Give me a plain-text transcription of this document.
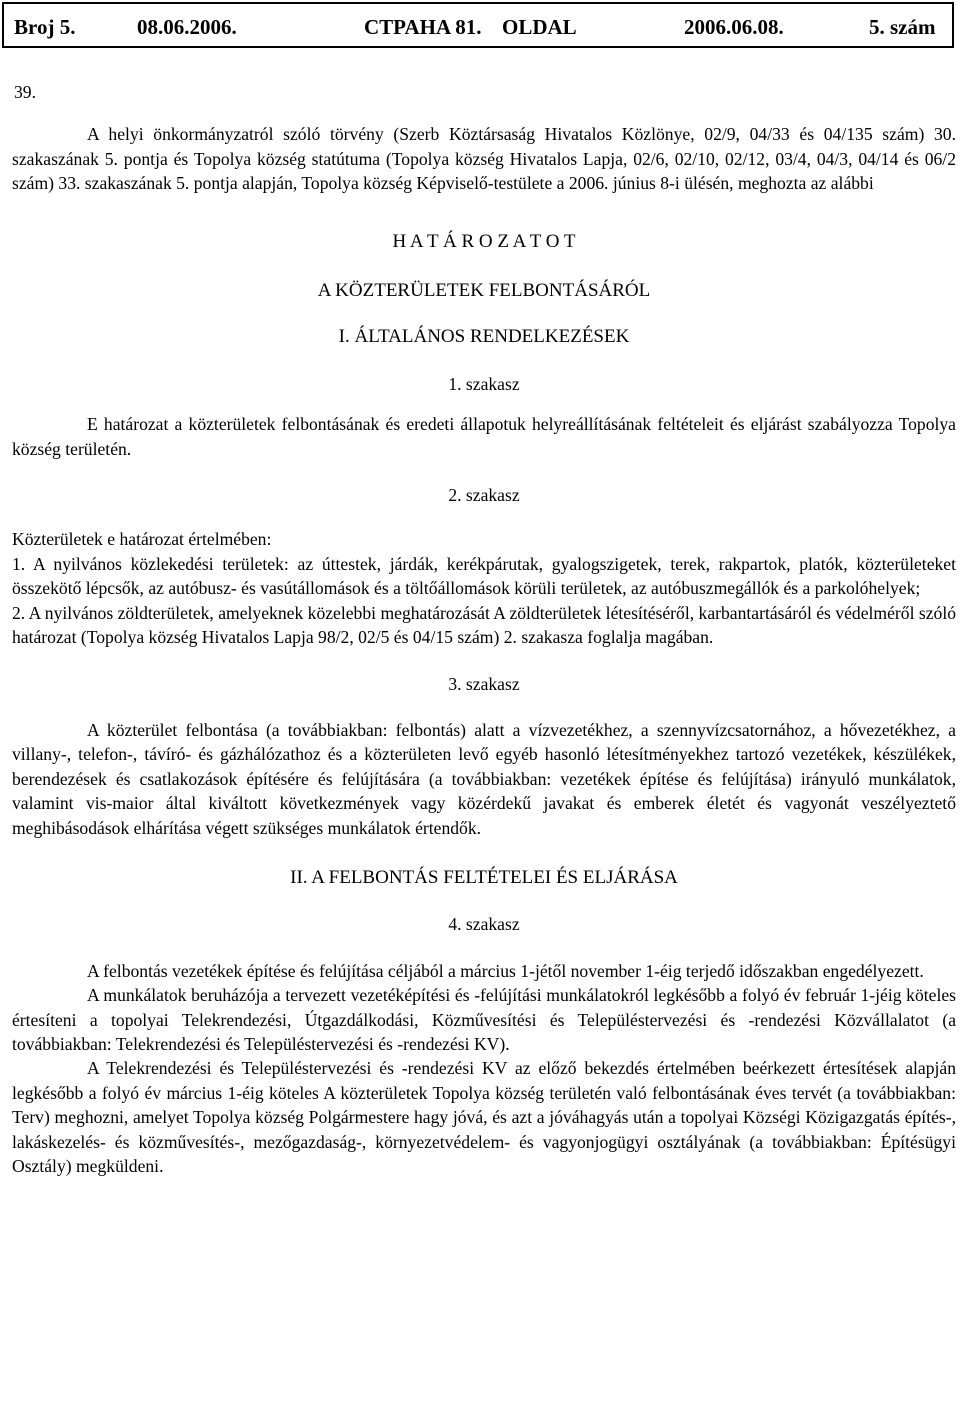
Broj 5.	08.06.2006.	CTPAHA 81. OLDAL	2006.06.08.	5. szám

39.

A helyi önkormányzatról szóló törvény (Szerb Köztársaság Hivatalos Közlönye, 02/9, 04/33 és 04/135 szám) 30. szakaszának 5. pontja és Topolya község statútuma (Topolya község Hivatalos Lapja, 02/6, 02/10, 02/12, 03/4, 04/3, 04/14 és 06/2 szám) 33. szakaszának 5. pontja alapján, Topolya község Képviselő-testülete a 2006. június 8-i ülésén, meghozta az alábbi

H A T Á R O Z A T O T

A KÖZTERÜLETEK FELBONTÁSÁRÓL

I. ÁLTALÁNOS RENDELKEZÉSEK

1. szakasz

E határozat a közterületek felbontásának és eredeti állapotuk helyreállításának feltételeit és eljárást szabályozza Topolya község területén.

2. szakasz

Közterületek e határozat értelmében:

1. A nyilvános közlekedési területek: az úttestek, járdák, kerékpárutak, gyalogszigetek, terek, rakpartok, platók, közterületeket összekötő lépcsők, az autóbusz- és vasútállomások és a töltőállomások körüli területek, az autóbuszmegállók és a parkolóhelyek;

2. A nyilvános zöldterületek, amelyeknek közelebbi meghatározását A zöldterületek létesítéséről, karbantartásáról és védelméről szóló határozat (Topolya község Hivatalos Lapja 98/2, 02/5 és 04/15 szám) 2. szakasza foglalja magában.

3. szakasz

A közterület felbontása (a továbbiakban: felbontás) alatt a vízvezetékhez, a szennyvízcsatornához, a hővezetékhez, a villany-, telefon-, távíró- és gázhálózathoz és a közterületen levő egyéb hasonló létesítményekhez tartozó vezetékek, készülékek, berendezések és csatlakozások építésére és felújítására (a továbbiakban: vezetékek építése és felújítása) irányuló munkálatok, valamint vis-maior által kiváltott következmények vagy közérdekű javakat és emberek életét és vagyonát veszélyeztető meghibásodások elhárítása végett szükséges munkálatok értendők.

II. A FELBONTÁS FELTÉTELEI ÉS ELJÁRÁSA

4. szakasz

A felbontás vezetékek építése és felújítása céljából a március 1-jétől november 1-éig terjedő időszakban engedélyezett.

A munkálatok beruházója a tervezett vezetéképítési és -felújítási munkálatokról legkésőbb a folyó év február 1-jéig köteles értesíteni a topolyai Telekrendezési, Útgazdálkodási, Közművesítési és Településtervezési és -rendezési Közvállalatot (a továbbiakban: Telekrendezési és Településtervezési és -rendezési KV).

A Telekrendezési és Településtervezési és -rendezési KV az előző bekezdés értelmében beérkezett értesítések alapján legkésőbb a folyó év március 1-éig köteles A közterületek Topolya község területén való felbontásának éves tervét (a továbbiakban: Terv) meghozni, amelyet Topolya község Polgármestere hagy jóvá, és azt a jóváhagyás után a topolyai Községi Közigazgatás építés-, lakáskezelés- és közművesítés-, mezőgazdaság-, környezetvédelem- és vagyonjogügyi osztályának (a továbbiakban: Építésügyi Osztály) megküldeni.
